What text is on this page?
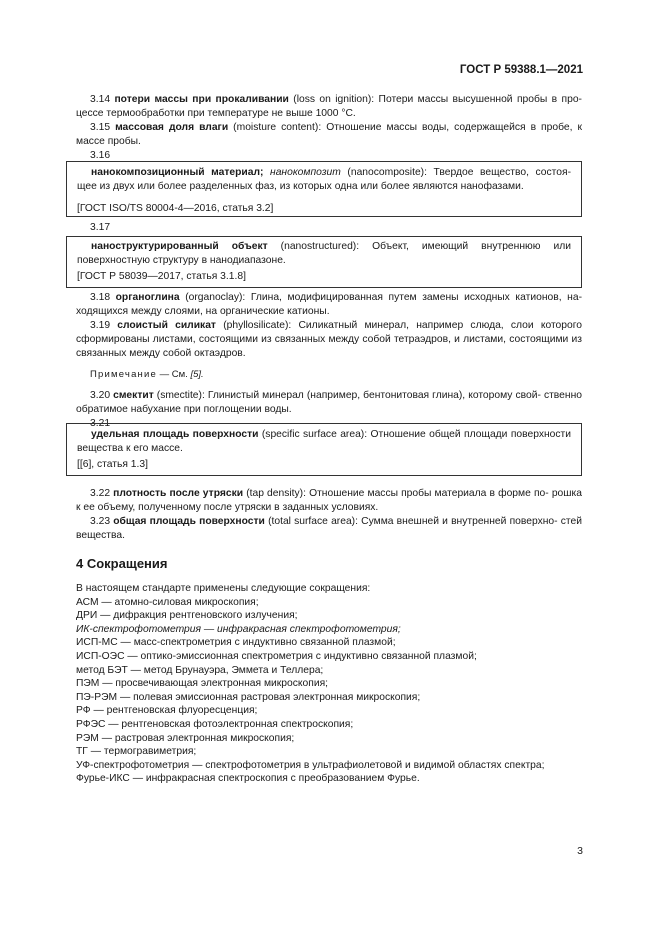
ГОСТ Р 59388.1—2021

3.14 потери массы при прокаливании (loss on ignition): Потери массы высушенной пробы в про- цессе термообработки при температуре не выше 1000 °С.

3.15 массовая доля влаги (moisture content): Отношение массы воды, содержащейся в пробе, к массе пробы.

3.16

нанокомпозиционный материал; нанокомпозит (nanocomposite): Твердое вещество, состоя- щее из двух или более разделенных фаз, из которых одна или более являются нанофазами.

[ГОСТ ISO/TS 80004-4—2016, статья 3.2]

3.17

наноструктурированный объект (nanostructured): Объект, имеющий внутреннюю или поверхностную структуру в нанодиапазоне.

[ГОСТ Р 58039—2017, статья 3.1.8]

3.18 органоглина (organoclay): Глина, модифицированная путем замены исходных катионов, на- ходящихся между слоями, на органические катионы.

3.19 слоистый силикат (phyllosilicate): Силикатный минерал, например слюда, слои которого сформированы листами, состоящими из связанных между собой тетраэдров, и листами, состоящими из связанных между собой октаэдров.

Примечание — См. [5].

3.20 смектит (smectite): Глинистый минерал (например, бентонитовая глина), которому свой- ственно обратимое набухание при поглощении воды.

3.21

удельная площадь поверхности (specific surface area): Отношение общей площади поверхности вещества к его массе.

[[6], статья 1.3]

3.22 плотность после утряски (tap density): Отношение массы пробы материала в форме по- рошка к ее объему, полученному после утряски в заданных условиях.

3.23 общая площадь поверхности (total surface area): Сумма внешней и внутренней поверхно- стей вещества.

4 Сокращения
В настоящем стандарте применены следующие сокращения:
АСМ — атомно-силовая микроскопия;
ДРИ — дифракция рентгеновского излучения;
ИК-спектрофотометрия — инфракрасная спектрофотометрия;
ИСП-МС — масс-спектрометрия с индуктивно связанной плазмой;
ИСП-ОЭС — оптико-эмиссионная спектрометрия с индуктивно связанной плазмой;
метод БЭТ — метод Брунауэра, Эммета и Теллера;
ПЭМ — просвечивающая электронная микроскопия;
ПЭ-РЭМ — полевая эмиссионная растровая электронная микроскопия;
РФ — рентгеновская флуоресценция;
РФЭС — рентгеновская фотоэлектронная спектроскопия;
РЭМ — растровая электронная микроскопия;
ТГ — термогравиметрия;
УФ-спектрофотометрия — спектрофотометрия в ультрафиолетовой и видимой областях спектра;
Фурье-ИКС — инфракрасная спектроскопия с преобразованием Фурье.
3
